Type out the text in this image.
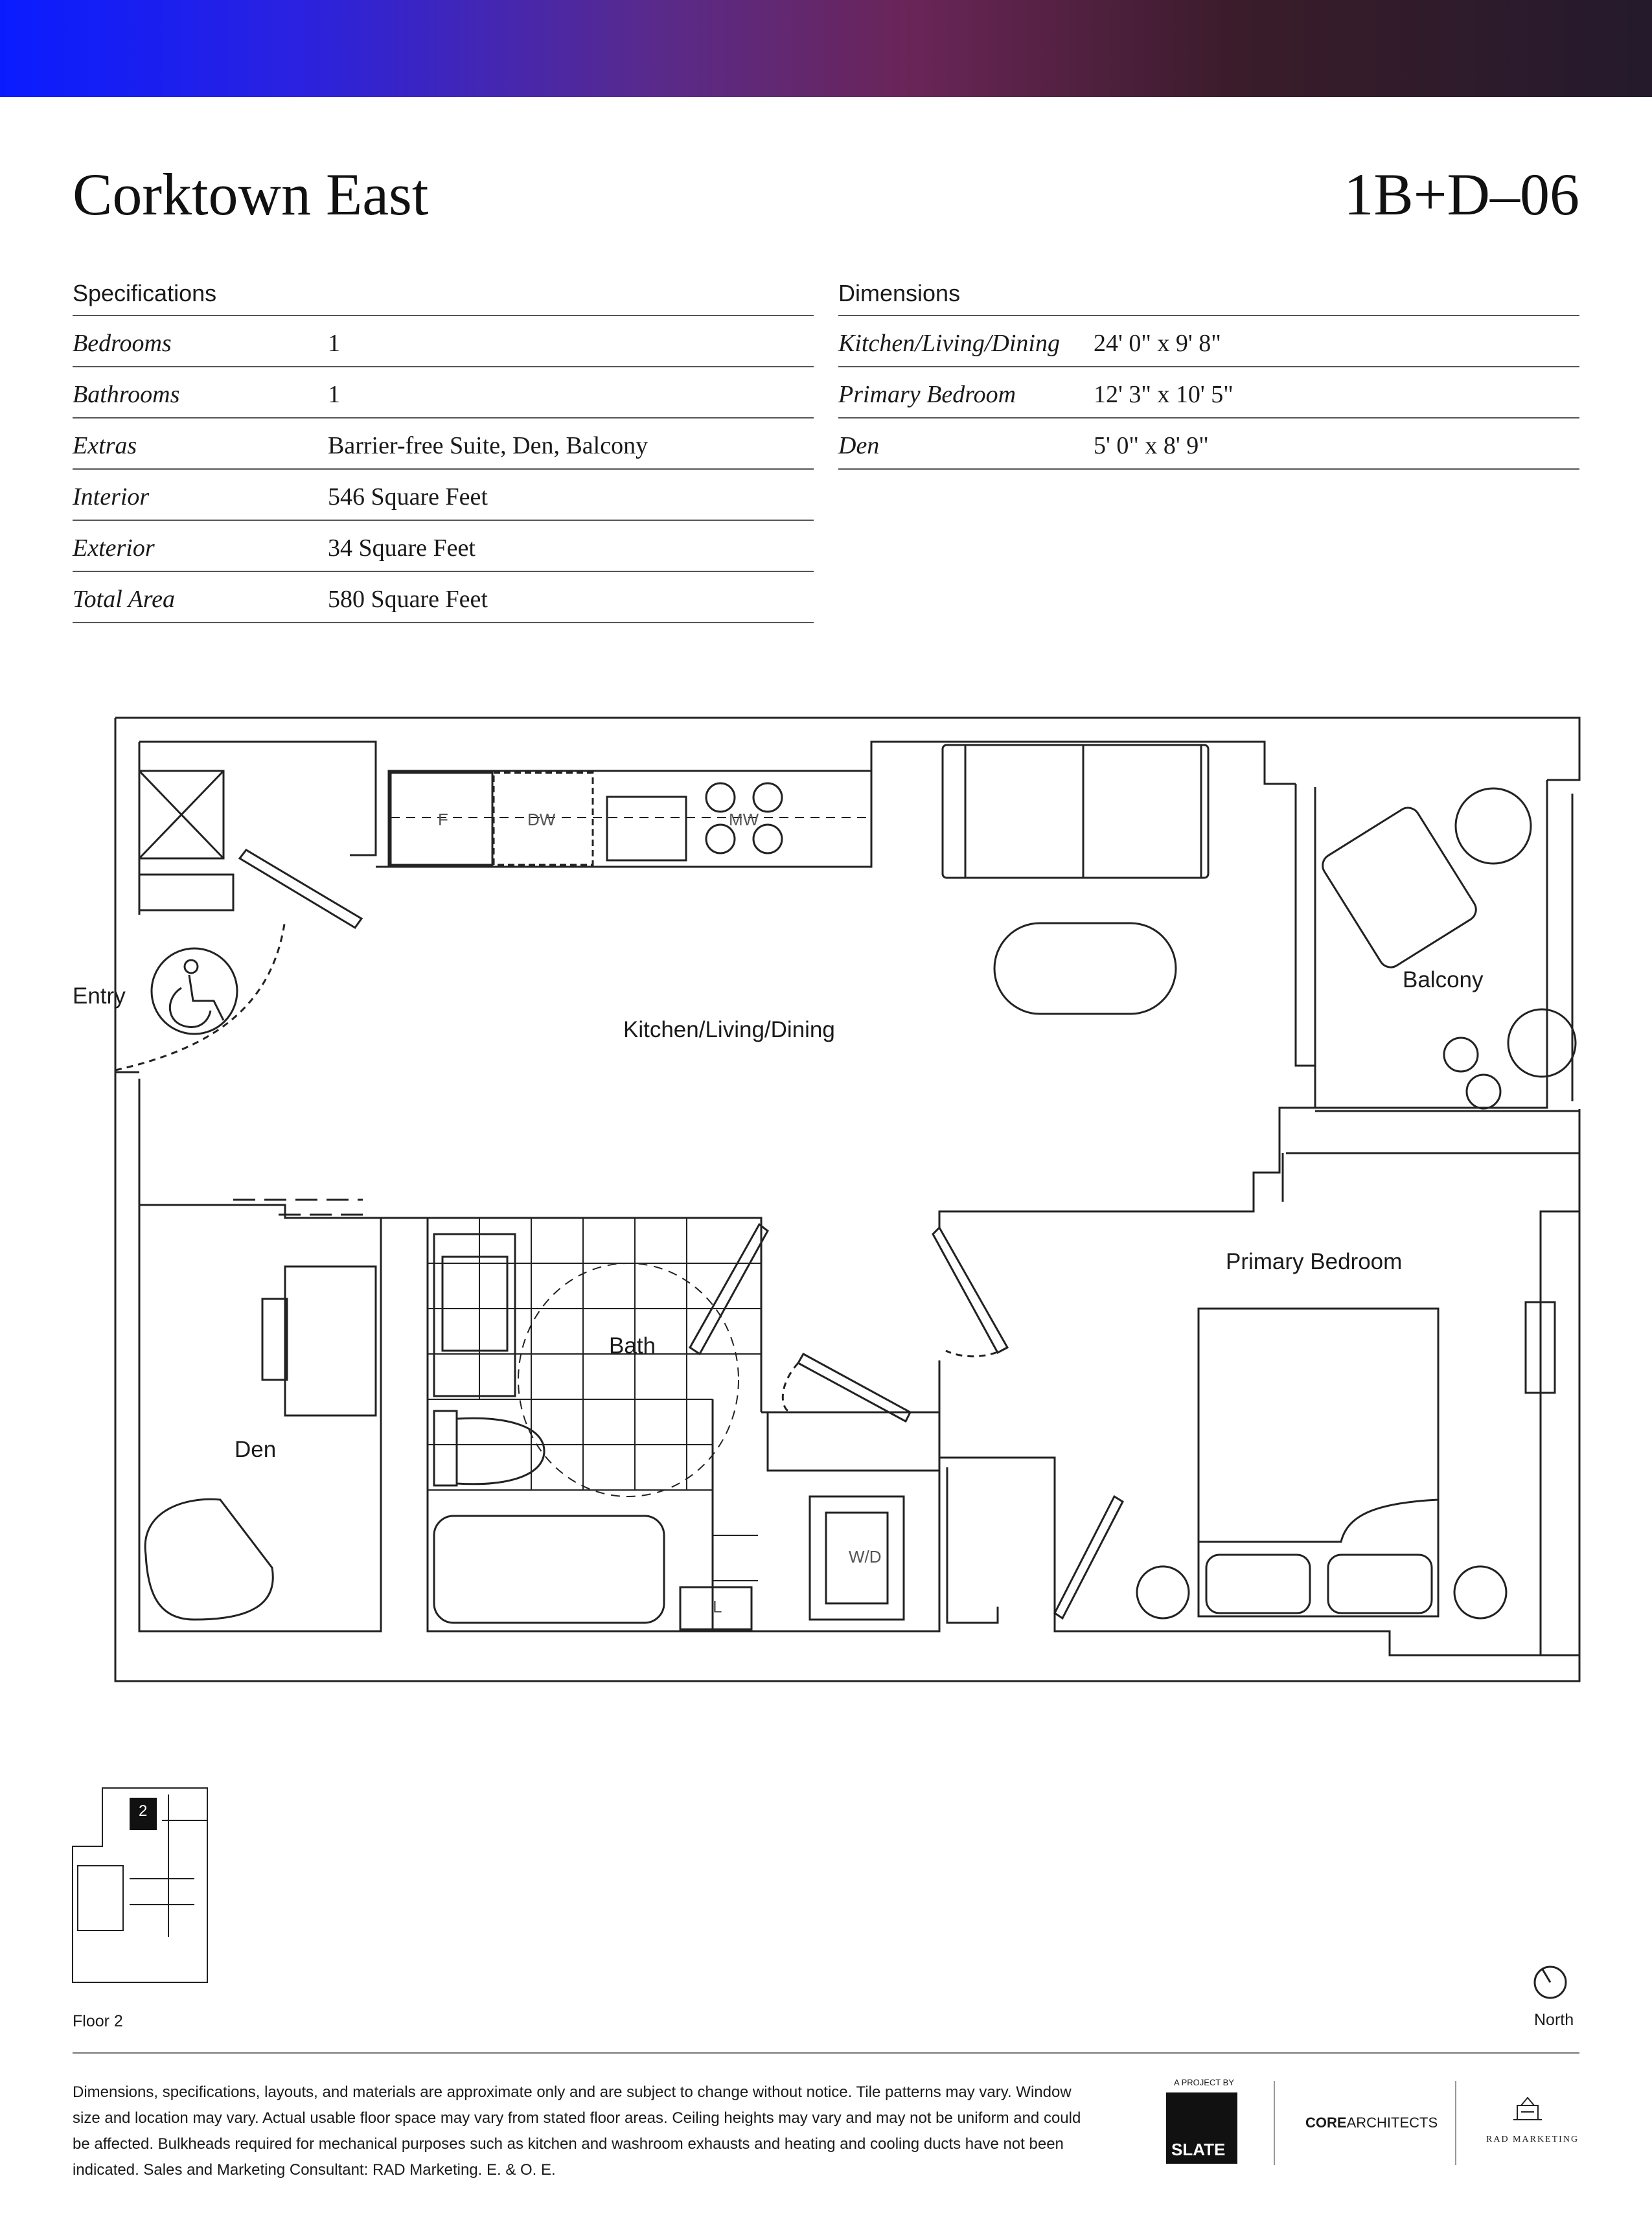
Corktown East	1B+D–06
Specifications
Bedrooms	1
Bathrooms	1
Extras	Barrier-free Suite, Den, Balcony
Interior	546 Square Feet
Exterior	34 Square Feet
Total Area	580 Square Feet
Dimensions
Kitchen/Living/Dining 24' 0" x 9' 8"
Primary Bedroom	12' 3" x 10' 5"
Den	5' 0" x 8' 9"
Entry
Kitchen/Living/Dining
Balcony
Primary Bedroom
Bath
Den
F	DW	MW
W/D
L
2
Floor 2	North
Dimensions, specifications, layouts, and materials are approximate only and are subject to change without notice. Tile patterns may vary. Window size and location may vary. Actual usable floor space may vary from stated floor areas. Ceiling heights may vary and may not be uniform and could be affected. Bulkheads required for mechanical purposes such as kitchen and washroom exhausts and heating and cooling ducts have not been indicated. Sales and Marketing Consultant: RAD Marketing. E. & O. E.
A PROJECT BY
SLATE
COREARCHITECTS
RAD MARKETING
